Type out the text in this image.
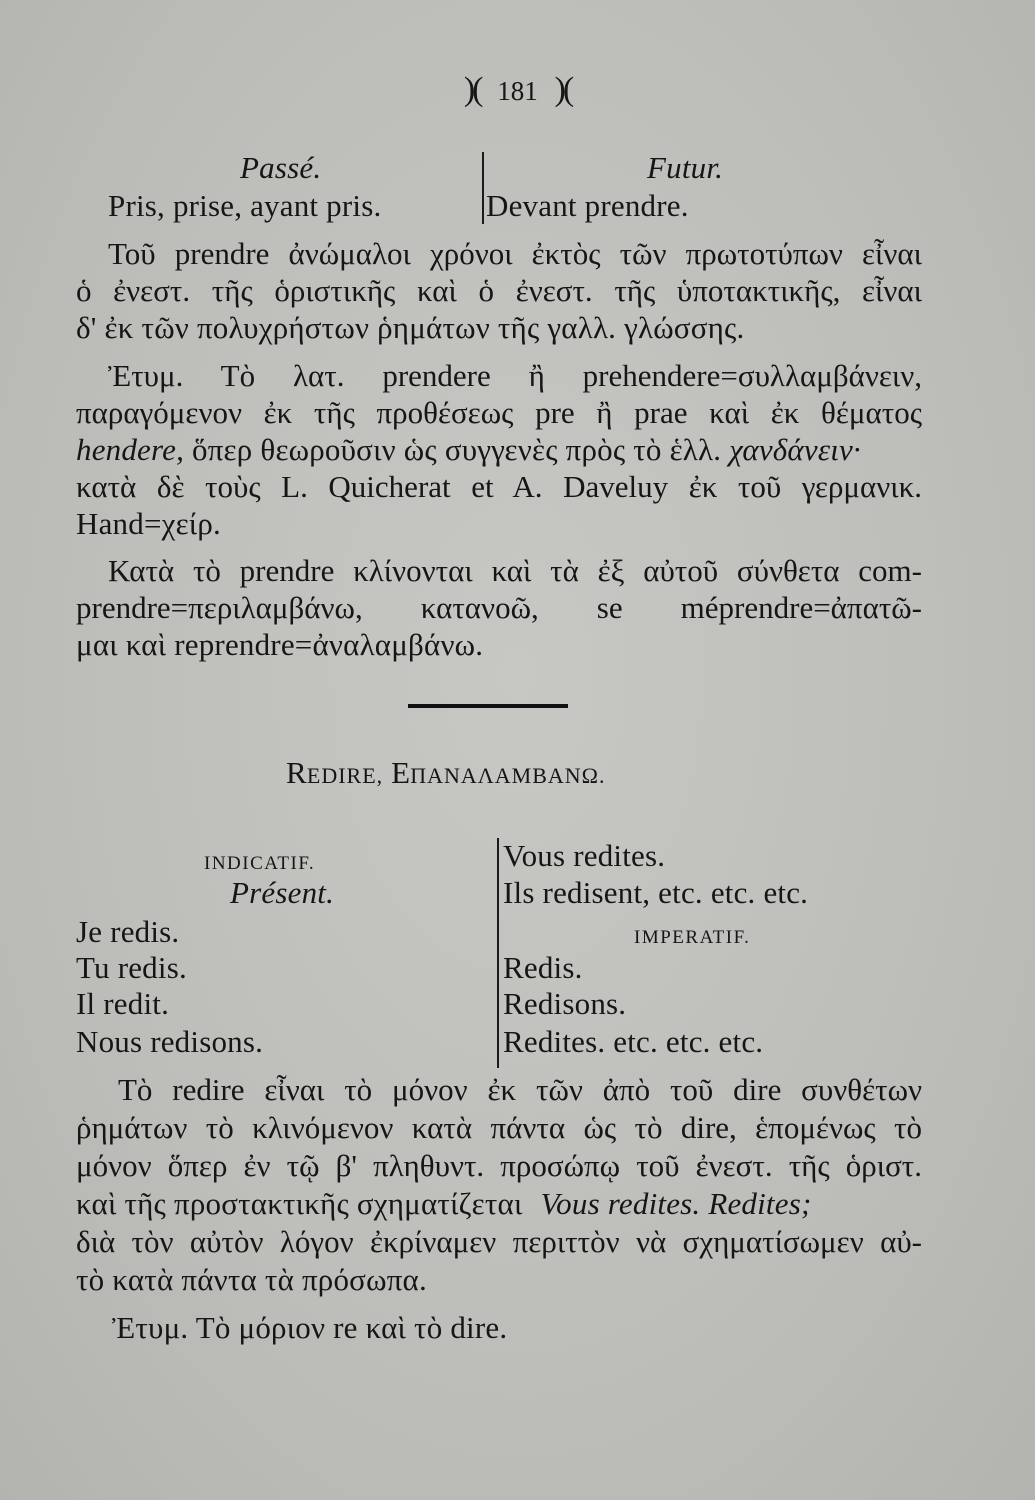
)( 181 )(
Passé.	Futur.
Pris, prise, ayant pris.	Devant prendre.
Τοῦ prendre ἀνώμαλοι χρόνοι ἐκτὸς τῶν πρωτοτύπων εἶναι
ὁ ἐνεστ. τῆς ὁριστικῆς καὶ ὁ ἐνεστ. τῆς ὑποτακτικῆς, εἶναι
δ' ἐκ τῶν πολυχρήστων ῥημάτων τῆς γαλλ. γλώσσης.
Ἐτυμ. Τὸ λατ. prendere ἢ prehendere=συλλαμβάνειν,
παραγόμενον ἐκ τῆς προθέσεως pre ἢ prae καὶ ἐκ θέματος
hendere, ὅπερ θεωροῦσιν ὡς συγγενὲς πρὸς τὸ ἑλλ. χανδάνειν·
κατὰ δὲ τοὺς L. Quicherat et A. Daveluy ἐκ τοῦ γερμανικ.
Hand=χείρ.
Κατὰ τὸ prendre κλίνονται καὶ τὰ ἐξ αὐτοῦ σύνθετα com-
prendre=περιλαμβάνω, κατανοῶ, se méprendre=ἀπατῶ-
μαι καὶ reprendre=ἀναλαμβάνω.
REDIRE, ΕΠΑΝΑΛΑΜΒΑΝΩ.
INDICATIF.
Présent.
Je redis.
Tu redis.
Il redit.
Nous redisons.
Vous redites.
Ils redisent, etc. etc. etc.
IMPERATIF.
Redis.
Redisons.
Redites. etc. etc. etc.
Τὸ redire εἶναι τὸ μόνον ἐκ τῶν ἀπὸ τοῦ dire συνθέτων
ῥημάτων τὸ κλινόμενον κατὰ πάντα ὡς τὸ dire, ἑπομένως τὸ
μόνον ὅπερ ἐν τῷ β' πληθυντ. προσώπῳ τοῦ ἐνεστ. τῆς ὁριστ.
καὶ τῆς προστακτικῆς σχηματίζεται Vous redites. Redites;
διὰ τὸν αὐτὸν λόγον ἐκρίναμεν περιττὸν νὰ σχηματίσωμεν αὐ-
τὸ κατὰ πάντα τὰ πρόσωπα.
Ἐτυμ. Τὸ μόριον re καὶ τὸ dire.
